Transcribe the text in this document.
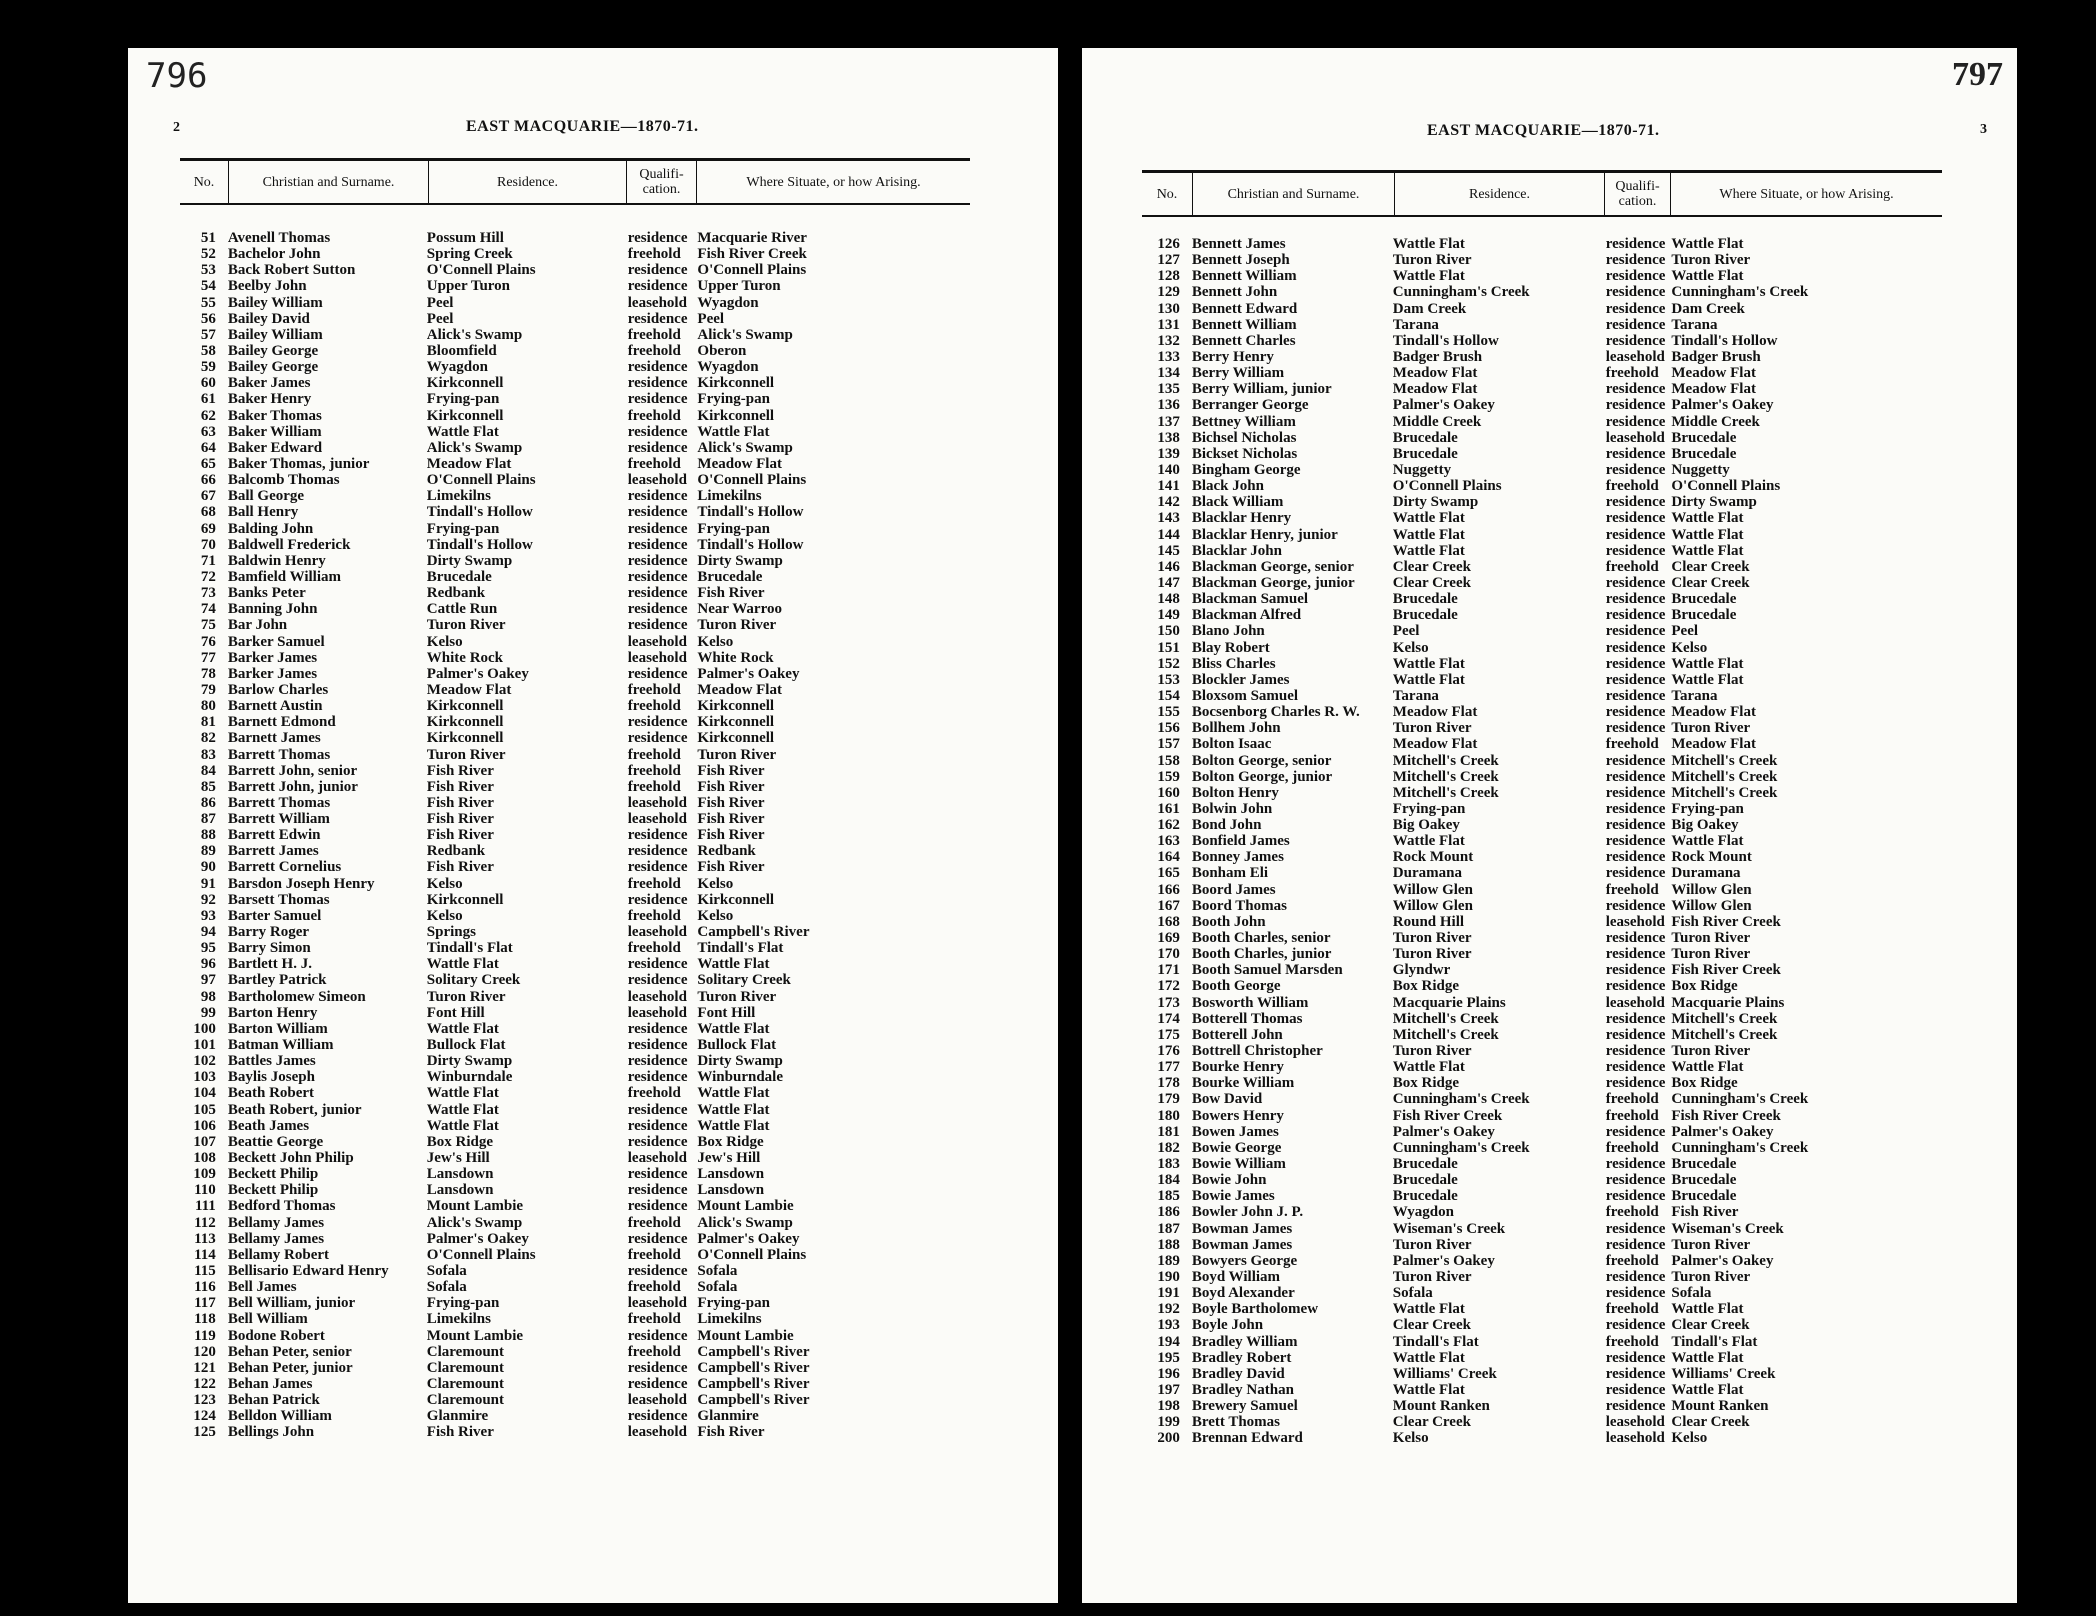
796
2	EAST MACQUARIE—1870-71.
No.	Christian and Surname.	Residence.	Qualifi-cation.	Where Situate, or how Arising.
51 Avenell Thomas	Possum Hill	residence Macquarie River
52 Bachelor John	Spring Creek	freehold	Fish River Creek
53 Back Robert Sutton	O'Connell Plains	residence O'Connell Plains
54 Beelby John	Upper Turon	residence Upper Turon
55 Bailey William	Peel	leasehold Wyagdon
56 Bailey David	Peel	residence Peel
57 Bailey William	Alick's Swamp	freehold	Alick's Swamp
58 Bailey George	Bloomfield	freehold	Oberon
59 Bailey George	Wyagdon	residence Wyagdon
60 Baker James	Kirkconnell	residence Kirkconnell
61 Baker Henry	Frying-pan	residence Frying-pan
62 Baker Thomas	Kirkconnell	freehold	Kirkconnell
63 Baker William	Wattle Flat	residence Wattle Flat
64 Baker Edward	Alick's Swamp	residence Alick's Swamp
65 Baker Thomas, junior	Meadow Flat	freehold	Meadow Flat
66 Balcomb Thomas	O'Connell Plains	leasehold O'Connell Plains
67 Ball George	Limekilns	residence Limekilns
68 Ball Henry	Tindall's Hollow	residence Tindall's Hollow
69 Balding John	Frying-pan	residence Frying-pan
70 Baldwell Frederick	Tindall's Hollow	residence Tindall's Hollow
71 Baldwin Henry	Dirty Swamp	residence Dirty Swamp
72 Bamfield William	Brucedale	residence Brucedale
73 Banks Peter	Redbank	residence Fish River
74 Banning John	Cattle Run	residence Near Warroo
75 Bar John	Turon River	residence Turon River
76 Barker Samuel	Kelso	leasehold Kelso
77 Barker James	White Rock	leasehold White Rock
78 Barker James	Palmer's Oakey	residence Palmer's Oakey
79 Barlow Charles	Meadow Flat	freehold	Meadow Flat
80 Barnett Austin	Kirkconnell	freehold	Kirkconnell
81 Barnett Edmond	Kirkconnell	residence Kirkconnell
82 Barnett James	Kirkconnell	residence Kirkconnell
83 Barrett Thomas	Turon River	freehold	Turon River
84 Barrett John, senior	Fish River	freehold	Fish River
85 Barrett John, junior	Fish River	freehold	Fish River
86 Barrett Thomas	Fish River	leasehold Fish River
87 Barrett William	Fish River	leasehold Fish River
88 Barrett Edwin	Fish River	residence Fish River
89 Barrett James	Redbank	residence Redbank
90 Barrett Cornelius	Fish River	residence Fish River
91 Barsdon Joseph Henry	Kelso	freehold	Kelso
92 Barsett Thomas	Kirkconnell	residence Kirkconnell
93 Barter Samuel	Kelso	freehold	Kelso
94 Barry Roger	Springs	leasehold Campbell's River
95 Barry Simon	Tindall's Flat	freehold	Tindall's Flat
96 Bartlett H. J.	Wattle Flat	residence Wattle Flat
97 Bartley Patrick	Solitary Creek	residence Solitary Creek
98 Bartholomew Simeon	Turon River	leasehold Turon River
99 Barton Henry	Font Hill	leasehold Font Hill
100 Barton William	Wattle Flat	residence Wattle Flat
101 Batman William	Bullock Flat	residence Bullock Flat
102 Battles James	Dirty Swamp	residence Dirty Swamp
103 Baylis Joseph	Winburndale	residence Winburndale
104 Beath Robert	Wattle Flat	freehold	Wattle Flat
105 Beath Robert, junior	Wattle Flat	residence Wattle Flat
106 Beath James	Wattle Flat	residence Wattle Flat
107 Beattie George	Box Ridge	residence Box Ridge
108 Beckett John Philip	Jew's Hill	leasehold Jew's Hill
109 Beckett Philip	Lansdown	residence Lansdown
110 Beckett Philip	Lansdown	residence Lansdown
111 Bedford Thomas	Mount Lambie	residence Mount Lambie
112 Bellamy James	Alick's Swamp	freehold	Alick's Swamp
113 Bellamy James	Palmer's Oakey	residence Palmer's Oakey
114 Bellamy Robert	O'Connell Plains	freehold	O'Connell Plains
115 Bellisario Edward Henry	Sofala	residence Sofala
116 Bell James	Sofala	freehold	Sofala
117 Bell William, junior	Frying-pan	leasehold Frying-pan
118 Bell William	Limekilns	freehold	Limekilns
119 Bodone Robert	Mount Lambie	residence Mount Lambie
120 Behan Peter, senior	Claremount	freehold	Campbell's River
121 Behan Peter, junior	Claremount	residence Campbell's River
122 Behan James	Claremount	residence Campbell's River
123 Behan Patrick	Claremount	leasehold Campbell's River
124 Belldon William	Glanmire	residence Glanmire
125 Bellings John	Fish River	leasehold Fish River
797
3
EAST MACQUARIE—1870-71.
No.	Christian and Surname.	Residence.	Qualifi-cation.	Where Situate, or how Arising.
126 Bennett James	Wattle Flat	residence Wattle Flat
127 Bennett Joseph	Turon River	residence Turon River
128 Bennett William	Wattle Flat	residence Wattle Flat
129 Bennett John	Cunningham's Creek	residence Cunningham's Creek
130 Bennett Edward	Dam Creek	residence Dam Creek
131 Bennett William	Tarana	residence Tarana
132 Bennett Charles	Tindall's Hollow	residence Tindall's Hollow
133 Berry Henry	Badger Brush	leasehold Badger Brush
134 Berry William	Meadow Flat	freehold Meadow Flat
135 Berry William, junior	Meadow Flat	residence Meadow Flat
136 Berranger George	Palmer's Oakey	residence Palmer's Oakey
137 Bettney William	Middle Creek	residence Middle Creek
138 Bichsel Nicholas	Brucedale	leasehold Brucedale
139 Bickset Nicholas	Brucedale	residence Brucedale
140 Bingham George	Nuggetty	residence Nuggetty
141 Black John	O'Connell Plains	freehold O'Connell Plains
142 Black William	Dirty Swamp	residence Dirty Swamp
143 Blacklar Henry	Wattle Flat	residence Wattle Flat
144 Blacklar Henry, junior	Wattle Flat	residence Wattle Flat
145 Blacklar John	Wattle Flat	residence Wattle Flat
146 Blackman George, senior	Clear Creek	freehold Clear Creek
147 Blackman George, junior	Clear Creek	residence Clear Creek
148 Blackman Samuel	Brucedale	residence Brucedale
149 Blackman Alfred	Brucedale	residence Brucedale
150 Blano John	Peel	residence Peel
151 Blay Robert	Kelso	residence Kelso
152 Bliss Charles	Wattle Flat	residence Wattle Flat
153 Blockler James	Wattle Flat	residence Wattle Flat
154 Bloxsom Samuel	Tarana	residence Tarana
155 Bocsenborg Charles R. W.	Meadow Flat	residence Meadow Flat
156 Bollhem John	Turon River	residence Turon River
157 Bolton Isaac	Meadow Flat	freehold Meadow Flat
158 Bolton George, senior	Mitchell's Creek	residence Mitchell's Creek
159 Bolton George, junior	Mitchell's Creek	residence Mitchell's Creek
160 Bolton Henry	Mitchell's Creek	residence Mitchell's Creek
161 Bolwin John	Frying-pan	residence Frying-pan
162 Bond John	Big Oakey	residence Big Oakey
163 Bonfield James	Wattle Flat	residence Wattle Flat
164 Bonney James	Rock Mount	residence Rock Mount
165 Bonham Eli	Duramana	residence Duramana
166 Boord James	Willow Glen	freehold Willow Glen
167 Boord Thomas	Willow Glen	residence Willow Glen
168 Booth John	Round Hill	leasehold Fish River Creek
169 Booth Charles, senior	Turon River	residence Turon River
170 Booth Charles, junior	Turon River	residence Turon River
171 Booth Samuel Marsden	Glyndwr	residence Fish River Creek
172 Booth George	Box Ridge	residence Box Ridge
173 Bosworth William	Macquarie Plains	leasehold Macquarie Plains
174 Botterell Thomas	Mitchell's Creek	residence Mitchell's Creek
175 Botterell John	Mitchell's Creek	residence Mitchell's Creek
176 Bottrell Christopher	Turon River	residence Turon River
177 Bourke Henry	Wattle Flat	residence Wattle Flat
178 Bourke William	Box Ridge	residence Box Ridge
179 Bow David	Cunningham's Creek	freehold Cunningham's Creek
180 Bowers Henry	Fish River Creek	freehold Fish River Creek
181 Bowen James	Palmer's Oakey	residence Palmer's Oakey
182 Bowie George	Cunningham's Creek	freehold Cunningham's Creek
183 Bowie William	Brucedale	residence Brucedale
184 Bowie John	Brucedale	residence Brucedale
185 Bowie James	Brucedale	residence Brucedale
186 Bowler John J. P.	Wyagdon	freehold Fish River
187 Bowman James	Wiseman's Creek	residence Wiseman's Creek
188 Bowman James	Turon River	residence Turon River
189 Bowyers George	Palmer's Oakey	freehold Palmer's Oakey
190 Boyd William	Turon River	residence Turon River
191 Boyd Alexander	Sofala	residence Sofala
192 Boyle Bartholomew	Wattle Flat	freehold Wattle Flat
193 Boyle John	Clear Creek	residence Clear Creek
194 Bradley William	Tindall's Flat	freehold Tindall's Flat
195 Bradley Robert	Wattle Flat	residence Wattle Flat
196 Bradley David	Williams' Creek	residence Williams' Creek
197 Bradley Nathan	Wattle Flat	residence Wattle Flat
198 Brewery Samuel	Mount Ranken	residence Mount Ranken
199 Brett Thomas	Clear Creek	leasehold Clear Creek
200 Brennan Edward	Kelso	leasehold Kelso
